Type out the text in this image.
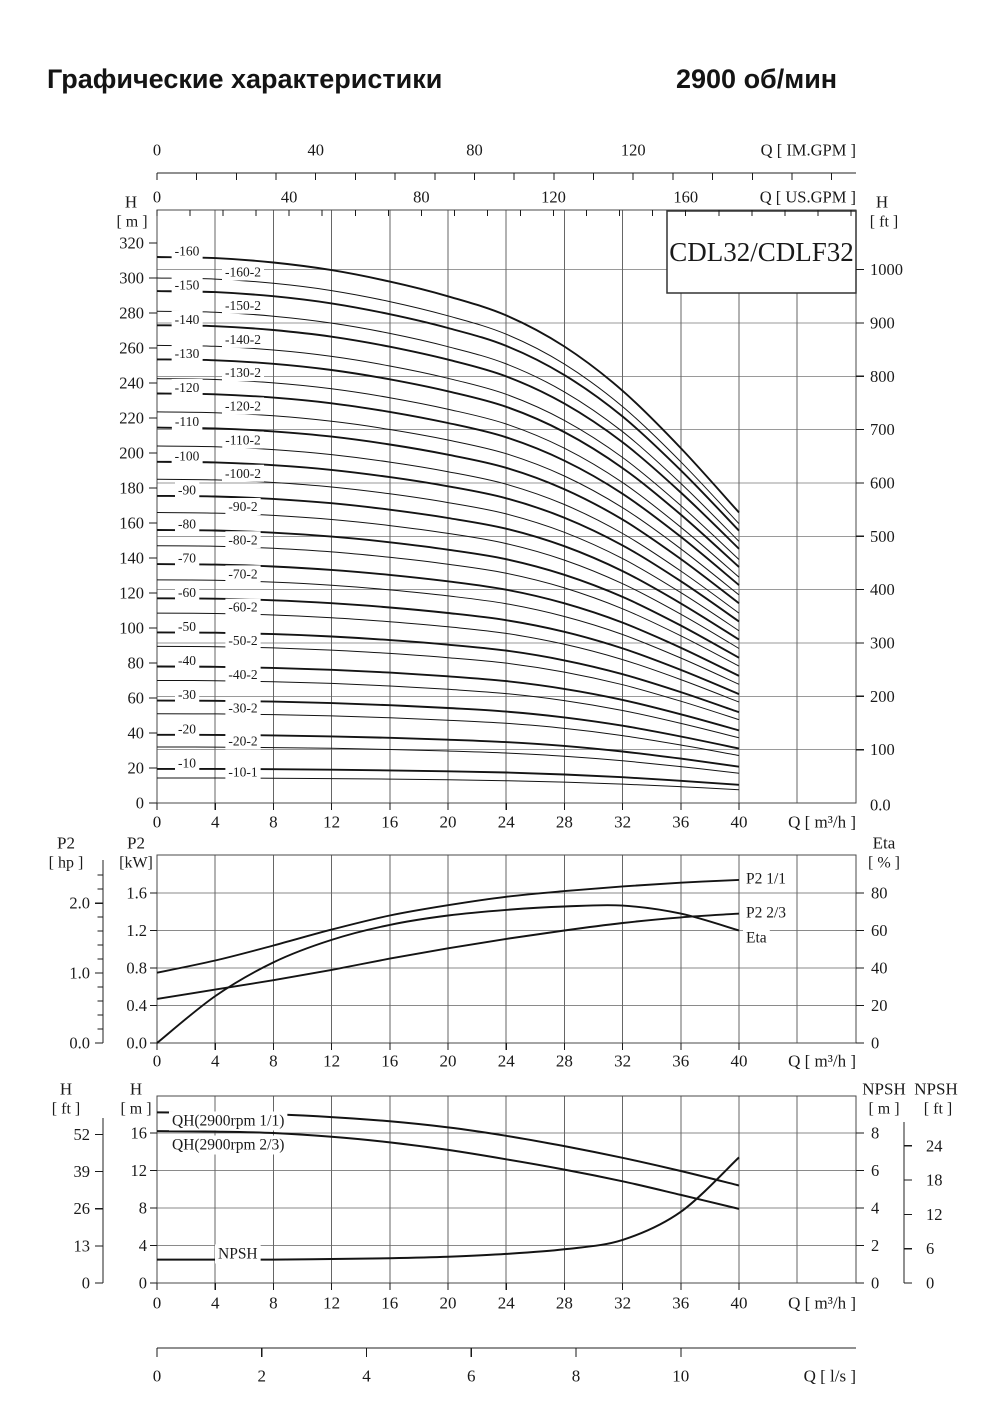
Графические характеристики	2900 об/мин
CDL32/CDLF32
-160
-160-2
-150
-150-2
-140
-140-2
-130
-130-2
-120
-120-2
-110
-110-2
-100
-100-2
-90
-90-2
-80
-80-2
-70
-70-2
-60
-60-2
-50
-50-2
-40
-40-2
-30
-30-2
-20
-20-2
-10
-10-1
0
20
40
60
80
100
120
140
160
180
200
220
240
260
280
300
320
H
[ m ]
100
200
300
400
500
600
700
800
900
1000
0.0
H
[ ft ]
0	40	80	120	Q [ IM.GPM ]
0	40	80	120	160	Q [ US.GPM ]
0	4	8	12 16 20 24 28 32 36 40 Q [ m³/h ]
P2 1/1
P2 2/3
Eta
0.0
0.4
0.8
1.2
1.6
P2
[kW]
0.0
1.0
2.0
P2
[ hp ]
0
20
40
60
80
Eta
[ % ]
0	4	8	12 16 20 24 28 32 36 40 Q [ m³/h ]
QH(2900rpm 1/1)
QH(2900rpm 2/3)
NPSH
0
4
8
12
16
H
[ m ]
0
13
26
39
52
H
[ ft ]
0
2
4
6
8
NPSH
[ m ]
0
6
12
18
24
NPSH
[ ft ]
0	4	8	12 16 20 24 28 32 36 40 Q [ m³/h ]
0	2	4	6	8	10	Q [ l/s ]
